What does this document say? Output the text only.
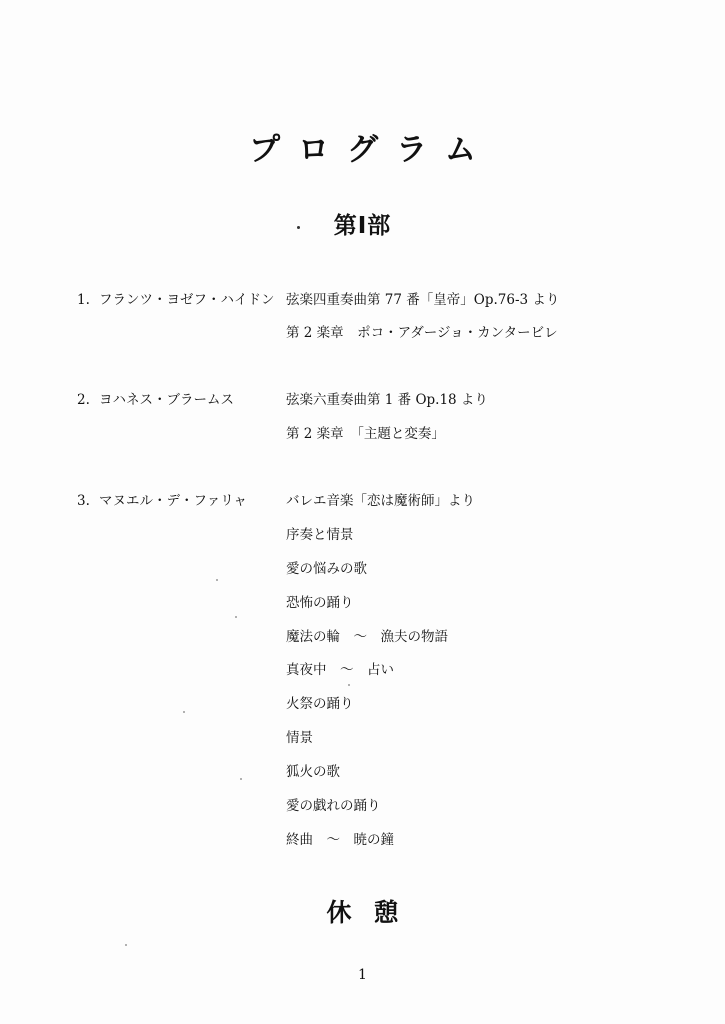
プログラム
第Ⅰ部
1. フランツ・ヨゼフ・ハイドン 弦楽四重奏曲第 77 番「皇帝」Op.76-3 より
第 2 楽章　ポコ・アダージョ・カンタービレ
2. ヨハネス・ブラームス	弦楽六重奏曲第 1 番 Op.18 より
第 2 楽章　「主題と変奏」
3. マヌエル・デ・ファリャ	バレエ音楽「恋は魔術師」より
序奏と情景
愛の悩みの歌
恐怖の踊り
魔法の輪　～　漁夫の物語
真夜中　～　占い
火祭の踊り
情景
狐火の歌
愛の戯れの踊り
終曲　～　暁の鐘
休憩
1
